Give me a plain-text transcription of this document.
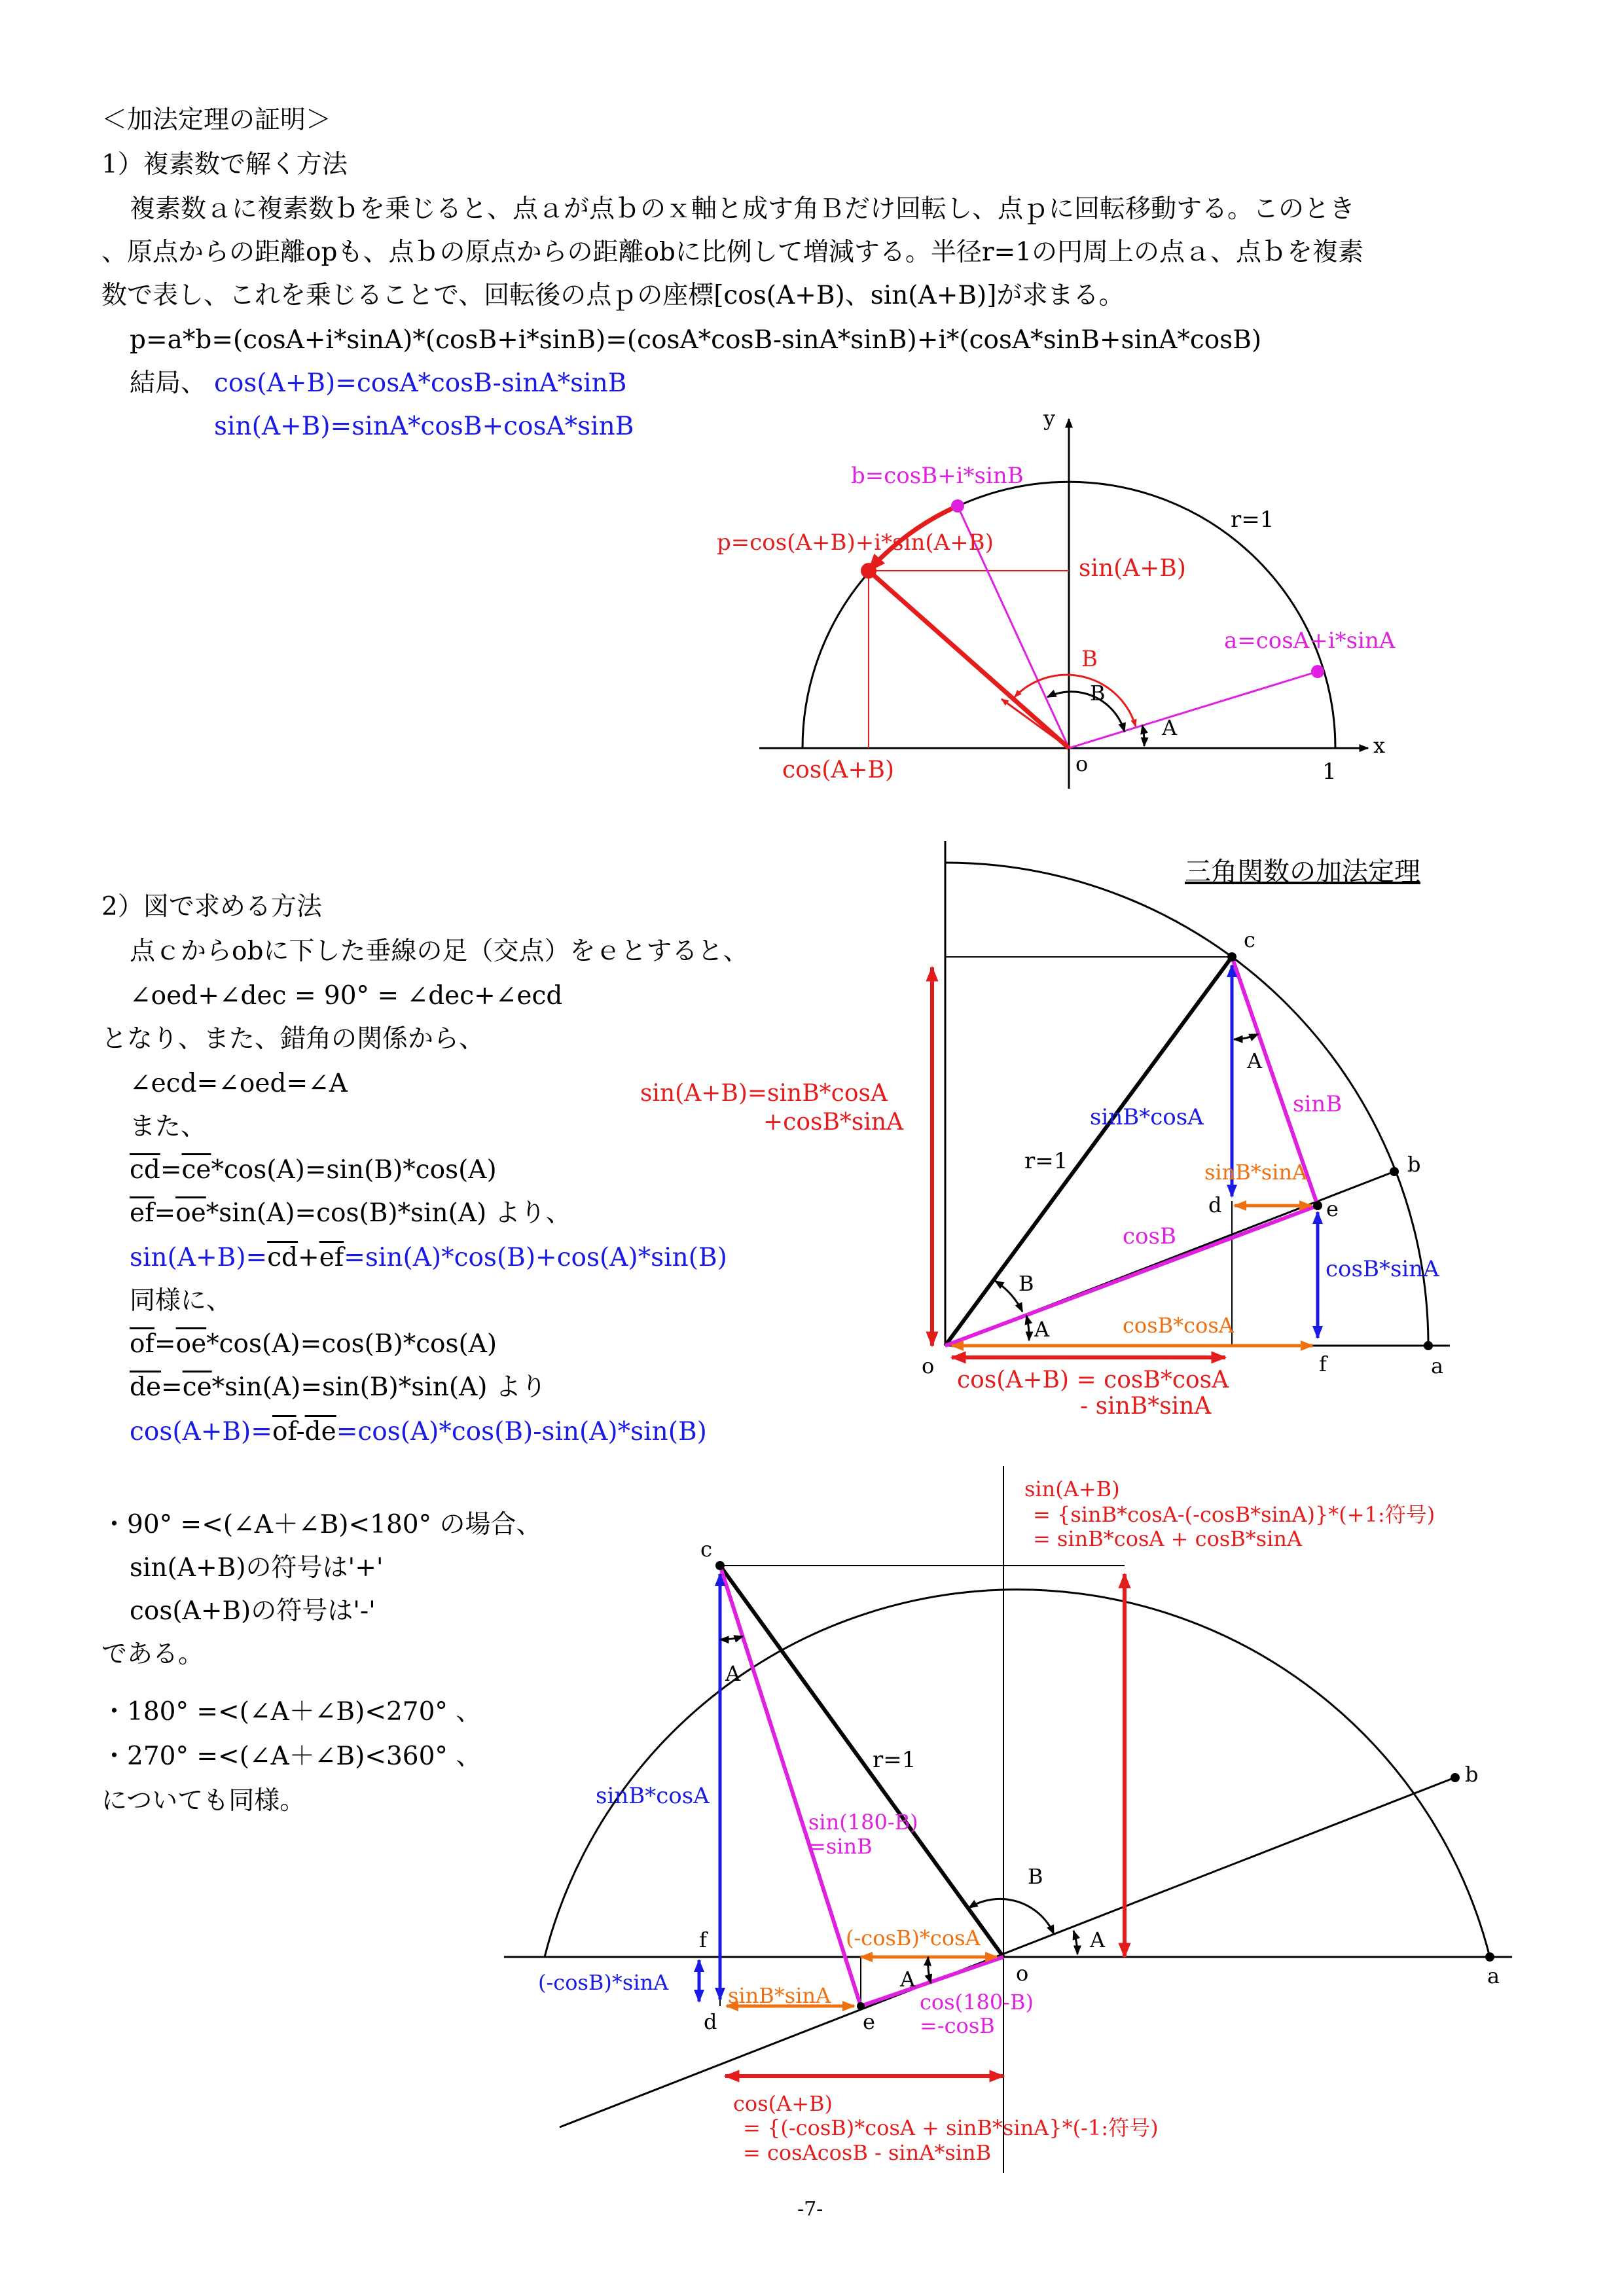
＜加法定理の証明＞
1）複素数で解く方法
複素数ａに複素数ｂを乗じると、点ａが点ｂのｘ軸と成す角Ｂだけ回転し、点ｐに回転移動する。このとき
、原点からの距離opも、点ｂの原点からの距離obに比例して増減する。半径r=1の円周上の点ａ、点ｂを複素
数で表し、これを乗じることで、回転後の点ｐの座標[cos(A+B)、sin(A+B)]が求まる。
p=a*b=(cosA+i*sinA)*(cosB+i*sinB)=(cosA*cosB-sinA*sinB)+i*(cosA*sinB+sinA*cosB)
結局、 cos(A+B)=cosA*cosB-sinA*sinB
sin(A+B)=sinA*cosB+cosA*sinB
2）図で求める方法
点ｃからobに下した垂線の足（交点）をｅとすると、
∠oed+∠dec = 90° = ∠dec+∠ecd
となり、また、錯角の関係から、
∠ecd=∠oed=∠A
また、
$\overline{cd}=\overline{ce}*\cos(A)=\sin(B)*\cos(A)$
$\overline{ef}=\overline{oe}*\sin(A)=\cos(B)*\sin(A)$ より、
$\sin(A+B)=\overline{cd}+\overline{ef}=\sin(A)*\cos(B)+\cos(A)*\sin(B)$
同様に、
$\overline{of}=\overline{oe}*\cos(A)=\cos(B)*\cos(A)$
$\overline{de}=\overline{ce}*\sin(A)=\sin(B)*\sin(A)$ より
$\cos(A+B)=\overline{of}-\overline{de}=\cos(A)*\cos(B)-\sin(A)*\sin(B)$
・90° =<(∠A＋∠B)<180° の場合、
sin(A+B)の符号は'+'
cos(A+B)の符号は'-'
である。
・180° =<(∠A＋∠B)<270° 、
・270° =<(∠A＋∠B)<360° 、
についても同様。
-7-
y
x
o	1
r=1
b=cosB+i*sinB
p=cos(A+B)+i*sin(A+B)
sin(A+B)
a=cosA+i*sinA
B
B
A
cos(A+B)
三角関数の加法定理
c
b
a
o	f
d	e
A
B
A
r=1
sinB*cosA	sinB
sinB*sinA
cosB
cosB*sinA
cosB*cosA
sin(A+B)=sinB*cosA
+cosB*sinA
cos(A+B) = cosB*cosA
- sinB*sinA
c
b
a
o
f
d	e
A
A
A
B
r=1
sin(A+B)
= {sinB*cosA-(-cosB*sinA)}*(+1:符号)
= sinB*cosA + cosB*sinA
sinB*cosA
sin(180-B)
=sinB
(-cosB)*cosA
(-cosB)*sinA
sinB*sinA	cos(180-B)
=-cosB
cos(A+B)
= {(-cosB)*cosA + sinB*sinA}*(-1:符号)
= cosAcosB - sinA*sinB
